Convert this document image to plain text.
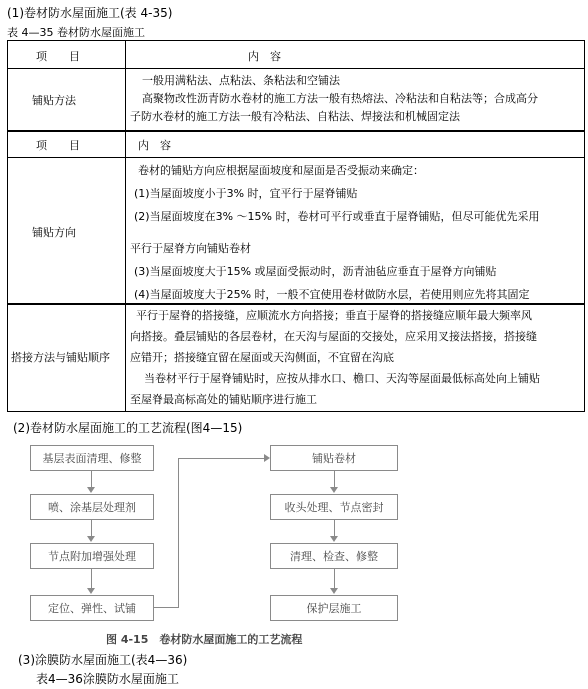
(1)卷材防水屋面施工(表 4-35)
表 4—35 卷材防水屋面施工
项　　目	内　容
铺贴方法
一般用满粘法、点粘法、条粘法和空铺法
高聚物改性沥青防水卷材的施工方法一般有热熔法、冷粘法和自粘法等；合成高分
子防水卷材的施工方法一般有冷粘法、自粘法、焊接法和机械固定法
项　　目	内　容
铺贴方向
卷材的铺贴方向应根据屋面坡度和屋面是否受振动来确定：
(1)当屋面坡度小于3% 时，宜平行于屋脊铺贴
(2)当屋面坡度在3% ～15% 时，卷材可平行或垂直于屋脊铺贴，但尽可能优先采用
平行于屋脊方向铺贴卷材
(3)当屋面坡度大于15% 或屋面受振动时，沥青油毡应垂直于屋脊方向铺贴
(4)当屋面坡度大于25% 时，一般不宜使用卷材做防水层，若使用则应先将其固定
搭接方法与铺贴顺序
平行于屋脊的搭接缝，应顺流水方向搭接；垂直于屋脊的搭接缝应顺年最大频率风
向搭接。叠层铺贴的各层卷材，在天沟与屋面的交接处，应采用叉接法搭接，搭接缝
应错开；搭接缝宜留在屋面或天沟侧面，不宜留在沟底
当卷材平行于屋脊铺贴时，应按从排水口、檐口、天沟等屋面最低标高处向上铺贴
至屋脊最高标高处的铺贴顺序进行施工
(2)卷材防水屋面施工的工艺流程(图4—15)
基层表面清理、修整
喷、涂基层处理剂
节点附加增强处理
定位、弹性、试铺
铺贴卷材
收头处理、节点密封
清理、检查、修整
保护层施工
图 4-15　卷材防水屋面施工的工艺流程
(3)涂膜防水屋面施工(表4—36)
表4—36涂膜防水屋面施工
